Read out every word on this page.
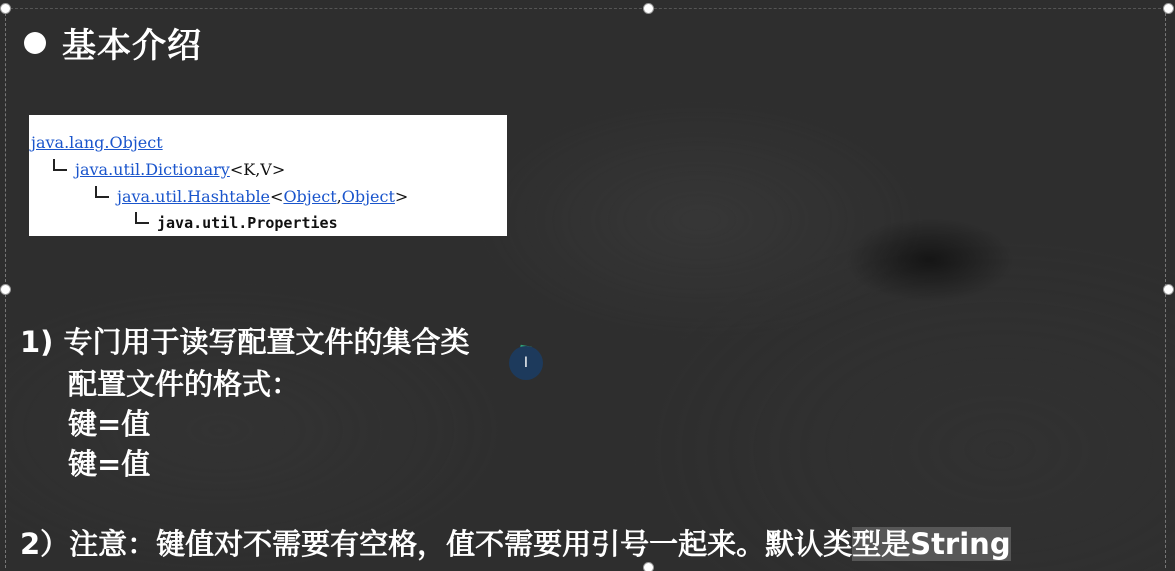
基本介绍
java.lang.Object
java.util.Dictionary<K,V>
java.util.Hashtable<Object,Object>
java.util.Properties
1) 专门用于读写配置文件的集合类
配置文件的格式：
键=值
键=值
2）注意：键值对不需要有空格，值不需要用引号一起来。默认类型是String
I
